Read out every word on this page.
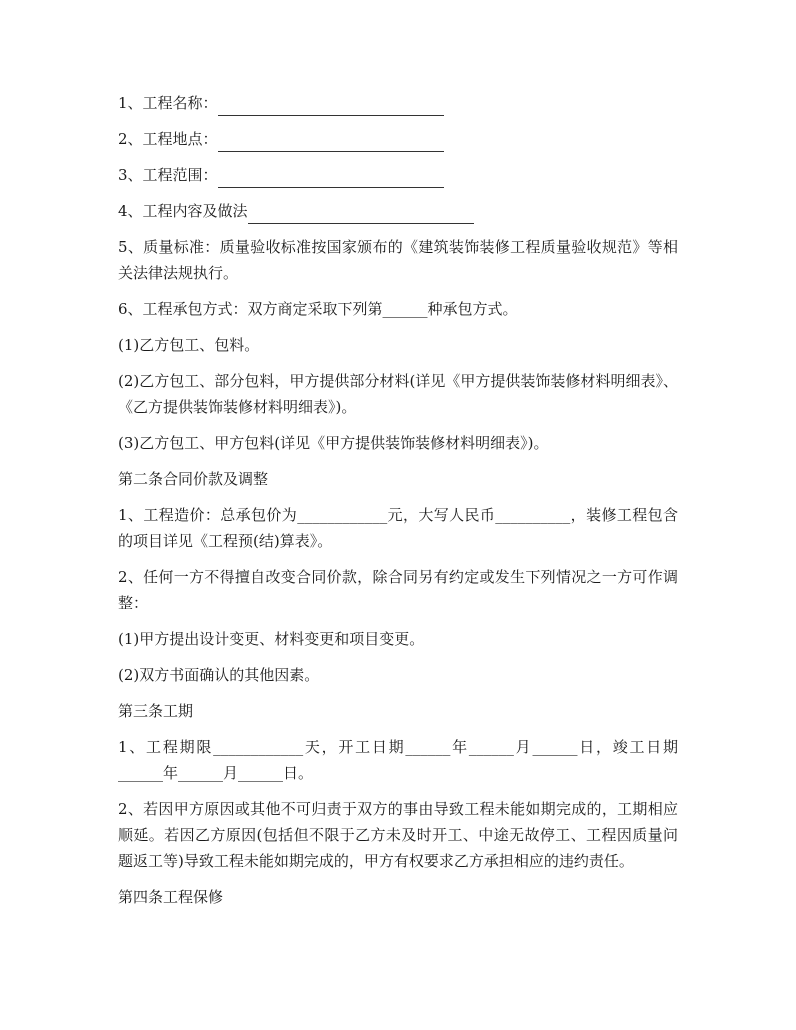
1、工程名称：
2、工程地点：
3、工程范围：
4、工程内容及做法

5、质量标准：质量验收标准按国家颁布的《建筑装饰装修工程质量验收规范》等相关法律法规执行。

6、工程承包方式：双方商定采取下列第______种承包方式。

(1)乙方包工、包料。

(2)乙方包工、部分包料，甲方提供部分材料(详见《甲方提供装饰装修材料明细表》、《乙方提供装饰装修材料明细表》)。

(3)乙方包工、甲方包料(详见《甲方提供装饰装修材料明细表》)。

第二条合同价款及调整

1、工程造价：总承包价为____________元，大写人民币__________，装修工程包含的项目详见《工程预(结)算表》。

2、任何一方不得擅自改变合同价款，除合同另有约定或发生下列情况之一方可作调整：

(1)甲方提出设计变更、材料变更和项目变更。

(2)双方书面确认的其他因素。

第三条工期

1、工程期限____________天，开工日期______年______月______日，竣工日期______年______月______日。

2、若因甲方原因或其他不可归责于双方的事由导致工程未能如期完成的，工期相应顺延。若因乙方原因(包括但不限于乙方未及时开工、中途无故停工、工程因质量问题返工等)导致工程未能如期完成的，甲方有权要求乙方承担相应的违约责任。

第四条工程保修
